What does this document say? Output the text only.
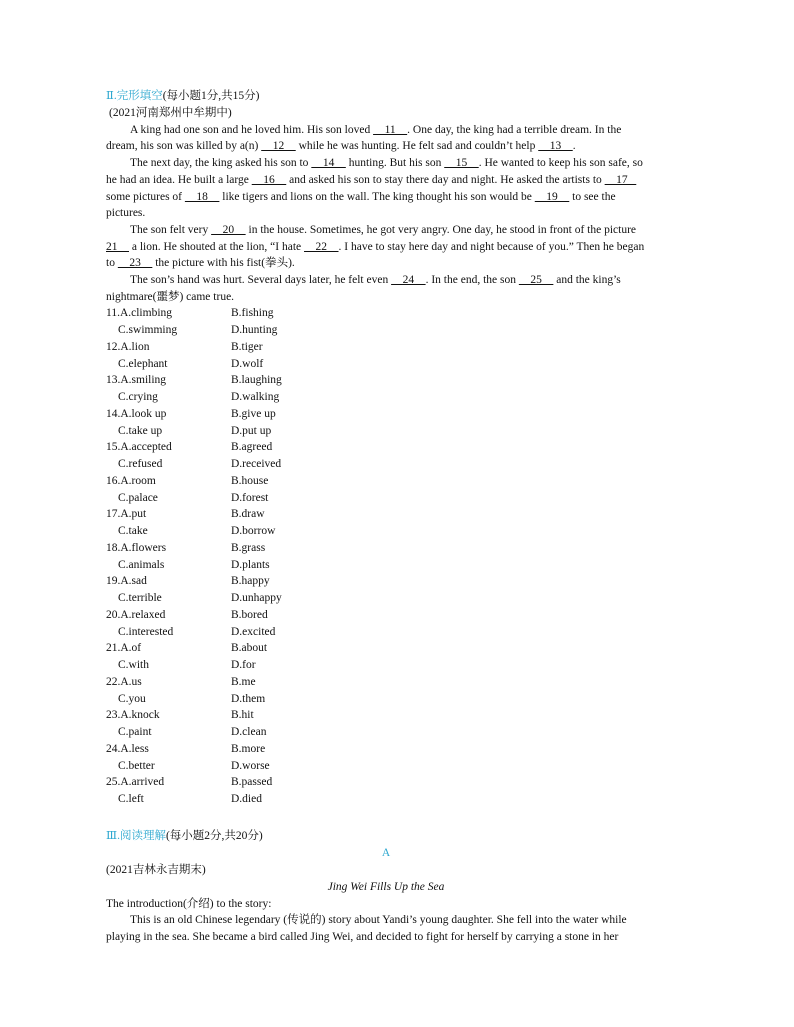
Ⅱ.完形填空(每小题1分,共15分)
(2021河南郑州中牟期中)
A king had one son and he loved him. His son loved     11    . One day, the king had a terrible dream. In the
dream, his son was killed by a(n)     12     while he was hunting. He felt sad and couldn’t help     13    .
The next day, the king asked his son to     14     hunting. But his son     15    . He wanted to keep his son safe, so
he had an idea. He built a large     16     and asked his son to stay there day and night. He asked the artists to     17
some pictures of     18     like tigers and lions on the wall. The king thought his son would be     19     to see the
pictures.
The son felt very     20     in the house. Sometimes, he got very angry. One day, he stood in front of the picture
21     a lion. He shouted at the lion, “I hate     22    . I have to stay here day and night because of you.” Then he began
to     23     the picture with his fist(拳头).
The son’s hand was hurt. Several days later, he felt even     24    . In the end, the son     25     and the king’s
nightmare(噩梦) came true.
11.A.climbing	B.fishing
C.swimming	D.hunting
12.A.lion	B.tiger
C.elephant	D.wolf
13.A.smiling	B.laughing
C.crying	D.walking
14.A.look up	B.give up
C.take up	D.put up
15.A.accepted	B.agreed
C.refused	D.received
16.A.room	B.house
C.palace	D.forest
17.A.put	B.draw
C.take	D.borrow
18.A.flowers	B.grass
C.animals	D.plants
19.A.sad	B.happy
C.terrible	D.unhappy
20.A.relaxed	B.bored
C.interested	D.excited
21.A.of	B.about
C.with	D.for
22.A.us	B.me
C.you	D.them
23.A.knock	B.hit
C.paint	D.clean
24.A.less	B.more
C.better	D.worse
25.A.arrived	B.passed
C.left	D.died
Ⅲ.阅读理解(每小题2分,共20分)
A
(2021吉林永吉期末)
Jing Wei Fills Up the Sea
The introduction(介绍) to the story:
This is an old Chinese legendary (传说的) story about Yandi’s young daughter. She fell into the water while
playing in the sea. She became a bird called Jing Wei, and decided to fight for herself by carrying a stone in her
